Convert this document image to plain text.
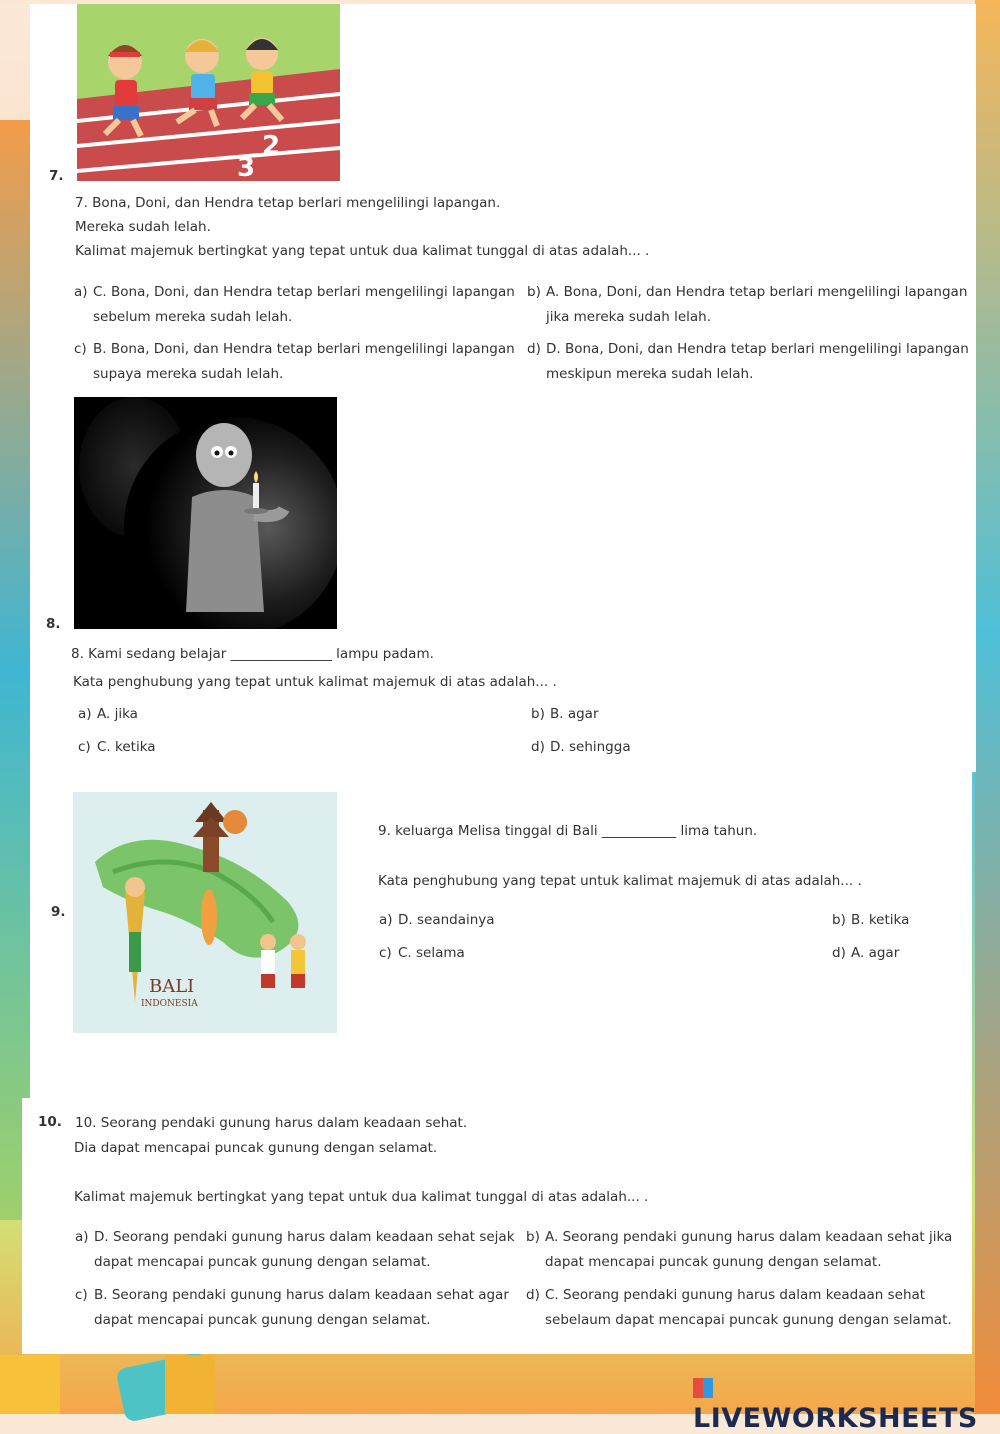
2
3
7.
7. Bona, Doni, dan Hendra tetap berlari mengelilingi lapangan.
Mereka sudah lelah.
Kalimat majemuk bertingkat yang tepat untuk dua kalimat tunggal di atas adalah... .
a) C. Bona, Doni, dan Hendra tetap berlari mengelilingi lapangan
sebelum mereka sudah lelah.
b) A. Bona, Doni, dan Hendra tetap berlari mengelilingi lapangan
jika mereka sudah lelah.
c) B. Bona, Doni, dan Hendra tetap berlari mengelilingi lapangan
supaya mereka sudah lelah.
d) D. Bona, Doni, dan Hendra tetap berlari mengelilingi lapangan
meskipun mereka sudah lelah.
8.
8. Kami sedang belajar _______________ lampu padam.
Kata penghubung yang tepat untuk kalimat majemuk di atas adalah... .
a) A. jika	b) B. agar
c) C. ketika	d) D. sehingga
BALI
INDONESIA
9.
9. keluarga Melisa tinggal di Bali ___________ lima tahun.
Kata penghubung yang tepat untuk kalimat majemuk di atas adalah... .
a) D. seandainya	b) B. ketika
c) C. selama	d) A. agar
10. 10. Seorang pendaki gunung harus dalam keadaan sehat.
Dia dapat mencapai puncak gunung dengan selamat.
Kalimat majemuk bertingkat yang tepat untuk dua kalimat tunggal di atas adalah... .
a) D. Seorang pendaki gunung harus dalam keadaan sehat sejak
dapat mencapai puncak gunung dengan selamat.
b) A. Seorang pendaki gunung harus dalam keadaan sehat jika
dapat mencapai puncak gunung dengan selamat.
c) B. Seorang pendaki gunung harus dalam keadaan sehat agar
dapat mencapai puncak gunung dengan selamat.
d) C. Seorang pendaki gunung harus dalam keadaan sehat
sebelaum dapat mencapai puncak gunung dengan selamat.
LIVEWORKSHEETS
